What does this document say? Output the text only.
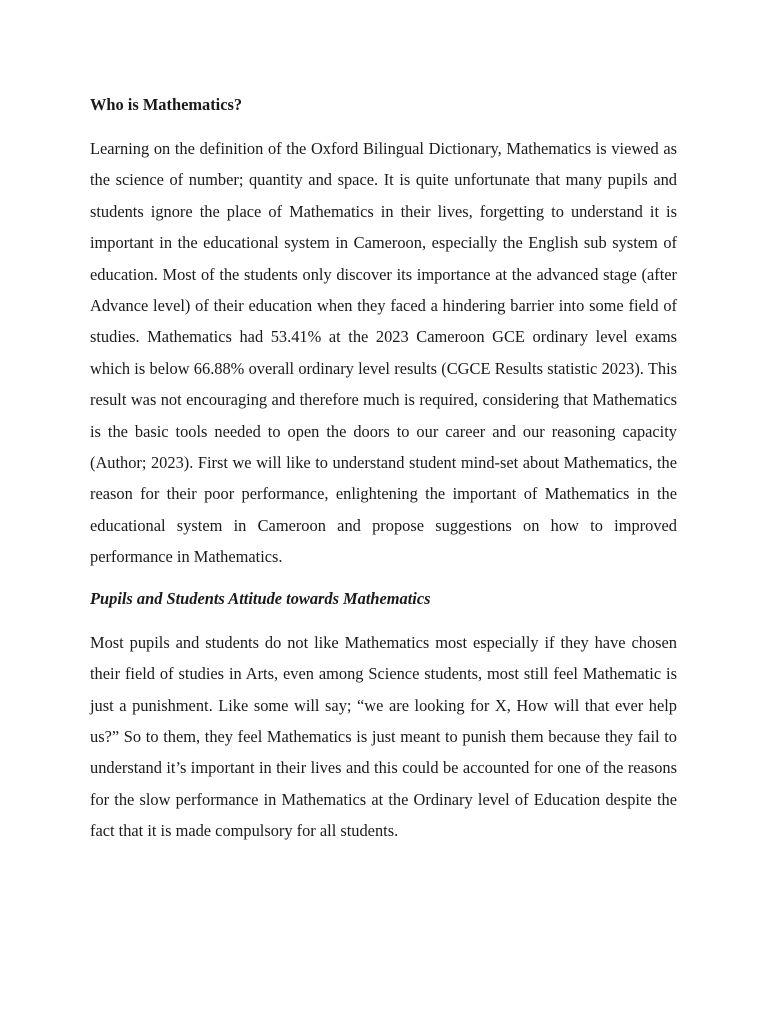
Who is Mathematics?

Learning on the definition of the Oxford Bilingual Dictionary, Mathematics is viewed as the science of number; quantity and space. It is quite unfortunate that many pupils and students ignore the place of Mathematics in their lives, forgetting to understand it is important in the educational system in Cameroon, especially the English sub system of education. Most of the students only discover its importance at the advanced stage (after Advance level) of their education when they faced a hindering barrier into some field of studies. Mathematics had 53.41% at the 2023 Cameroon GCE ordinary level exams which is below 66.88% overall ordinary level results (CGCE Results statistic 2023). This result was not encouraging and therefore much is required, considering that Mathematics is the basic tools needed to open the doors to our career and our reasoning capacity (Author; 2023). First we will like to understand student mind-set about Mathematics, the reason for their poor performance, enlightening the important of Mathematics in the educational system in Cameroon and propose suggestions on how to improved performance in Mathematics.

Pupils and Students Attitude towards Mathematics

Most pupils and students do not like Mathematics most especially if they have chosen their field of studies in Arts, even among Science students, most still feel Mathematic is just a punishment. Like some will say; “we are looking for X, How will that ever help us?” So to them, they feel Mathematics is just meant to punish them because they fail to understand it’s important in their lives and this could be accounted for one of the reasons for the slow performance in Mathematics at the Ordinary level of Education despite the fact that it is made compulsory for all students.
